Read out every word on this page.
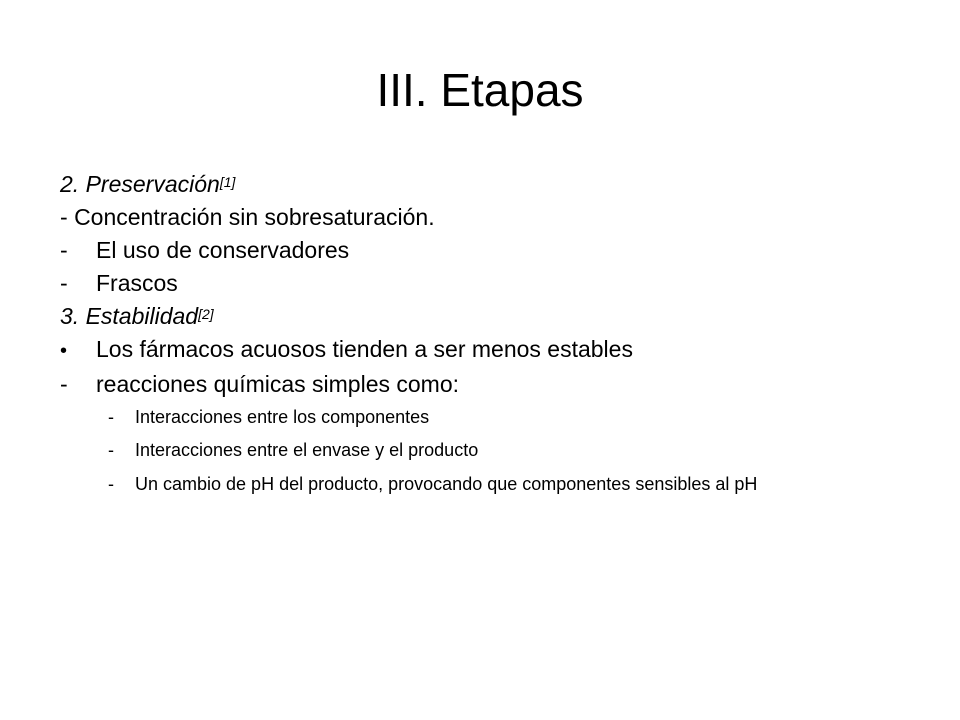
III. Etapas
2. Preservación[1]
- Concentración sin sobresaturación.
- El uso de conservadores
- Frascos
3. Estabilidad[2]
• Los fármacos acuosos tienden a ser menos estables
- reacciones químicas simples como:
- Interacciones entre los componentes
- Interacciones entre el envase y el producto
- Un cambio de pH del producto, provocando que componentes sensibles al pH
